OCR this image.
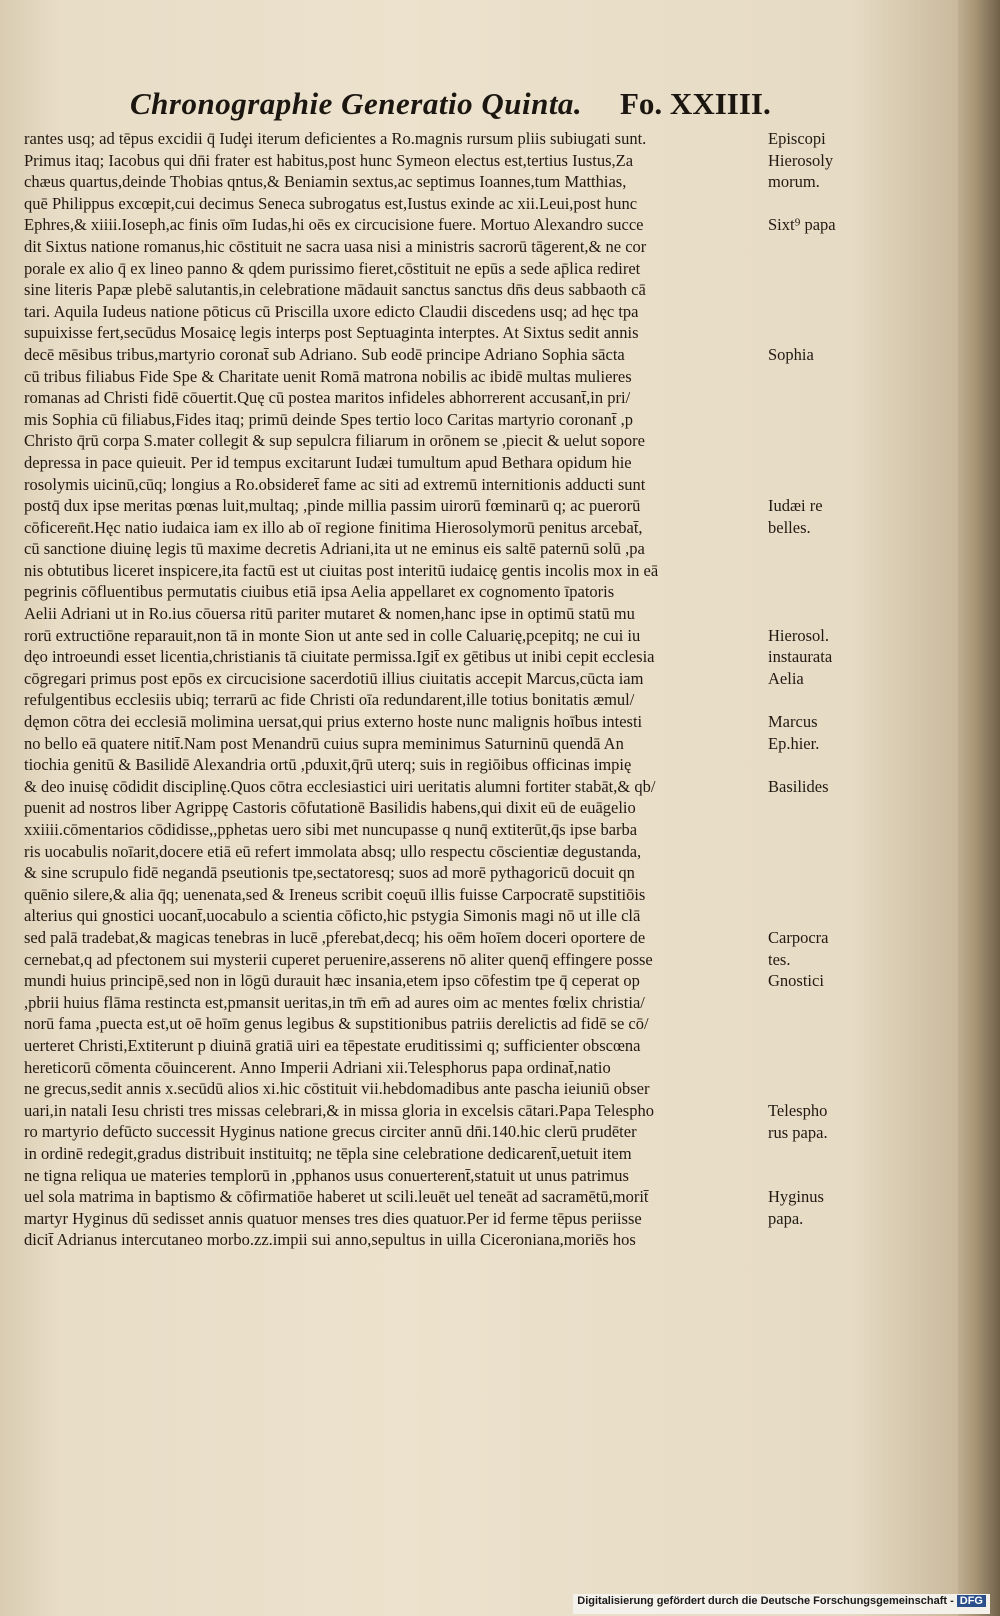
Chronographie Generatio Quinta. Fo. XXIIII.
rantes usq; ad tēpus excidii q̄ Iudȩi iterum deficientes a Ro.magnis rursum pliis subiugati sunt.
Primus itaq; Iacobus qui dn̄i frater est habitus,post hunc Symeon electus est,tertius Iustus,Za
chæus quartus,deinde Thobias qntus,& Beniamin sextus,ac septimus Ioannes,tum Matthias,
quē Philippus excœpit,cui decimus Seneca subrogatus est,Iustus exinde ac xii.Leui,post hunc
Ephres,& xiiii.Ioseph,ac finis oīm Iudas,hi oēs ex circucisione fuere. Mortuo Alexandro succe
dit Sixtus natione romanus,hic cōstituit ne sacra uasa nisi a ministris sacrorū tāgerent,& ne cor
porale ex alio q̄ ex lineo panno & qdem purissimo fieret,cōstituit ne epūs a sede ap̄lica rediret
sine literis Papæ plebē salutantis,in celebratione mādauit sanctus sanctus dn̄s deus sabbaoth cā
tari. Aquila Iudeus natione pōticus cū Priscilla uxore edicto Claudii discedens usq; ad hęc tpa
supuixisse fert,secūdus Mosaicę legis interps post Septuaginta interptes. At Sixtus sedit annis
decē mēsibus tribus,martyrio coronat̄ sub Adriano. Sub eodē principe Adriano Sophia sācta
cū tribus filiabus Fide Spe & Charitate uenit Romā matrona nobilis ac ibidē multas mulieres
romanas ad Christi fidē cōuertit.Quę cū postea maritos infideles abhorrerent accusant̄,in pri/
mis Sophia cū filiabus,Fides itaq; primū deinde Spes tertio loco Caritas martyrio coronant̄ ,p
Christo q̄rū corpa S.mater collegit & sup sepulcra filiarum in orōnem se ,piecit & uelut sopore
depressa in pace quieuit. Per id tempus excitarunt Iudæi tumultum apud Bethara opidum hie
rosolymis uicinū,cūq; longius a Ro.obsideret̄ fame ac siti ad extremū internitionis adducti sunt
postq̄ dux ipse meritas pœnas luit,multaq; ,pinde millia passim uirorū fœminarū q; ac puerorū
cōficeren̄t.Hęc natio iudaica iam ex illo ab oī regione finitima Hierosolymorū penitus arcebat̄,
cū sanctione diuinę legis tū maxime decretis Adriani,ita ut ne eminus eis saltē paternū solū ,pa
nis obtutibus liceret inspicere,ita factū est ut ciuitas post interitū iudaicę gentis incolis mox in eā
pegrinis cōfluentibus permutatis ciuibus etiā ipsa Aelia appellaret ex cognomento īpatoris
Aelii Adriani ut in Ro.ius cōuersa ritū pariter mutaret & nomen,hanc ipse in optimū statū mu
rorū extructiōne reparauit,non tā in monte Sion ut ante sed in colle Caluarię,pcepitq; ne cui iu
dęo introeundi esset licentia,christianis tā ciuitate permissa.Igit̄ ex gētibus ut inibi cepit ecclesia
cōgregari primus post epōs ex circucisione sacerdotiū illius ciuitatis accepit Marcus,cūcta iam
refulgentibus ecclesiis ubiq; terrarū ac fide Christi oīa redundarent,ille totius bonitatis æmul/
dęmon cōtra dei ecclesiā molimina uersat,qui prius externo hoste nunc malignis hoībus intesti
no bello eā quatere nitit̄.Nam post Menandrū cuius supra meminimus Saturninū quendā An
tiochia genitū & Basilidē Alexandria ortū ,pduxit,q̄rū uterq; suis in regiōibus officinas impię
& deo inuisę cōdidit disciplinę.Quos cōtra ecclesiastici uiri ueritatis alumni fortiter stabāt,& qb/
puenit ad nostros liber Agrippę Castoris cōfutationē Basilidis habens,qui dixit eū de euāgelio
xxiiii.cōmentarios cōdidisse,,pphetas uero sibi met nuncupasse q nunq̄ extiterūt,q̄s ipse barba
ris uocabulis noīarit,docere etiā eū refert immolata absq; ullo respectu cōscientiæ degustanda,
& sine scrupulo fidē negandā pseutionis tpe,sectatoresq; suos ad morē pythagoricū docuit qn
quēnio silere,& alia q̄q; uenenata,sed & Ireneus scribit coęuū illis fuisse Carpocratē supstitiōis
alterius qui gnostici uocant̄,uocabulo a scientia cōficto,hic pstygia Simonis magi nō ut ille clā
sed palā tradebat,& magicas tenebras in lucē ,pferebat,decq; his oēm hoīem doceri oportere de
cernebat,q ad pfectonem sui mysterii cuperet peruenire,asserens nō aliter quenq̄ effingere posse
mundi huius principē,sed non in lōgū durauit hæc insania,etem ipso cōfestim tpe q̄ ceperat op
,pbrii huius flāma restincta est,pmansit ueritas,in tm̄ em̄ ad aures oim ac mentes fœlix christia/
norū fama ,puecta est,ut oē hoīm genus legibus & supstitionibus patriis derelictis ad fidē se cō/
uerteret Christi,Extiterunt p diuinā gratiā uiri ea tēpestate eruditissimi q; sufficienter obscœna
hereticorū cōmenta cōuincerent. Anno Imperii Adriani xii.Telesphorus papa ordinat̄,natio
ne grecus,sedit annis x.secūdū alios xi.hic cōstituit vii.hebdomadibus ante pascha ieiuniū obser
uari,in natali Iesu christi tres missas celebrari,& in missa gloria in excelsis cātari.Papa Telespho
ro martyrio defūcto successit Hyginus natione grecus circiter annū dn̄i.140.hic clerū prudēter
in ordinē redegit,gradus distribuit instituitq; ne tēpla sine celebratione dedicarent̄,uetuit item
ne tigna reliqua ue materies templorū in ,pphanos usus conuerterent̄,statuit ut unus patrimus
uel sola matrima in baptismo & cōfirmatiōe haberet ut scili.leuēt uel teneāt ad sacramētū,morit̄
martyr Hyginus dū sedisset annis quatuor menses tres dies quatuor.Per id ferme tēpus periisse
dicit̄ Adrianus intercutaneo morbo.zz.impii sui anno,sepultus in uilla Ciceroniana,moriēs hos
Episcopi
Hierosoly
morum.
Sixt⁹ papa
Sophia
Iudæi re
belles.
Hierosol.
instaurata
Aelia
Marcus
Ep.hier.
Basilides
Carpocra
tes.
Gnostici
Telespho
rus papa.
Hyginus
papa.
Digitalisierung gefördert durch die Deutsche Forschungsgemeinschaft - DFG
